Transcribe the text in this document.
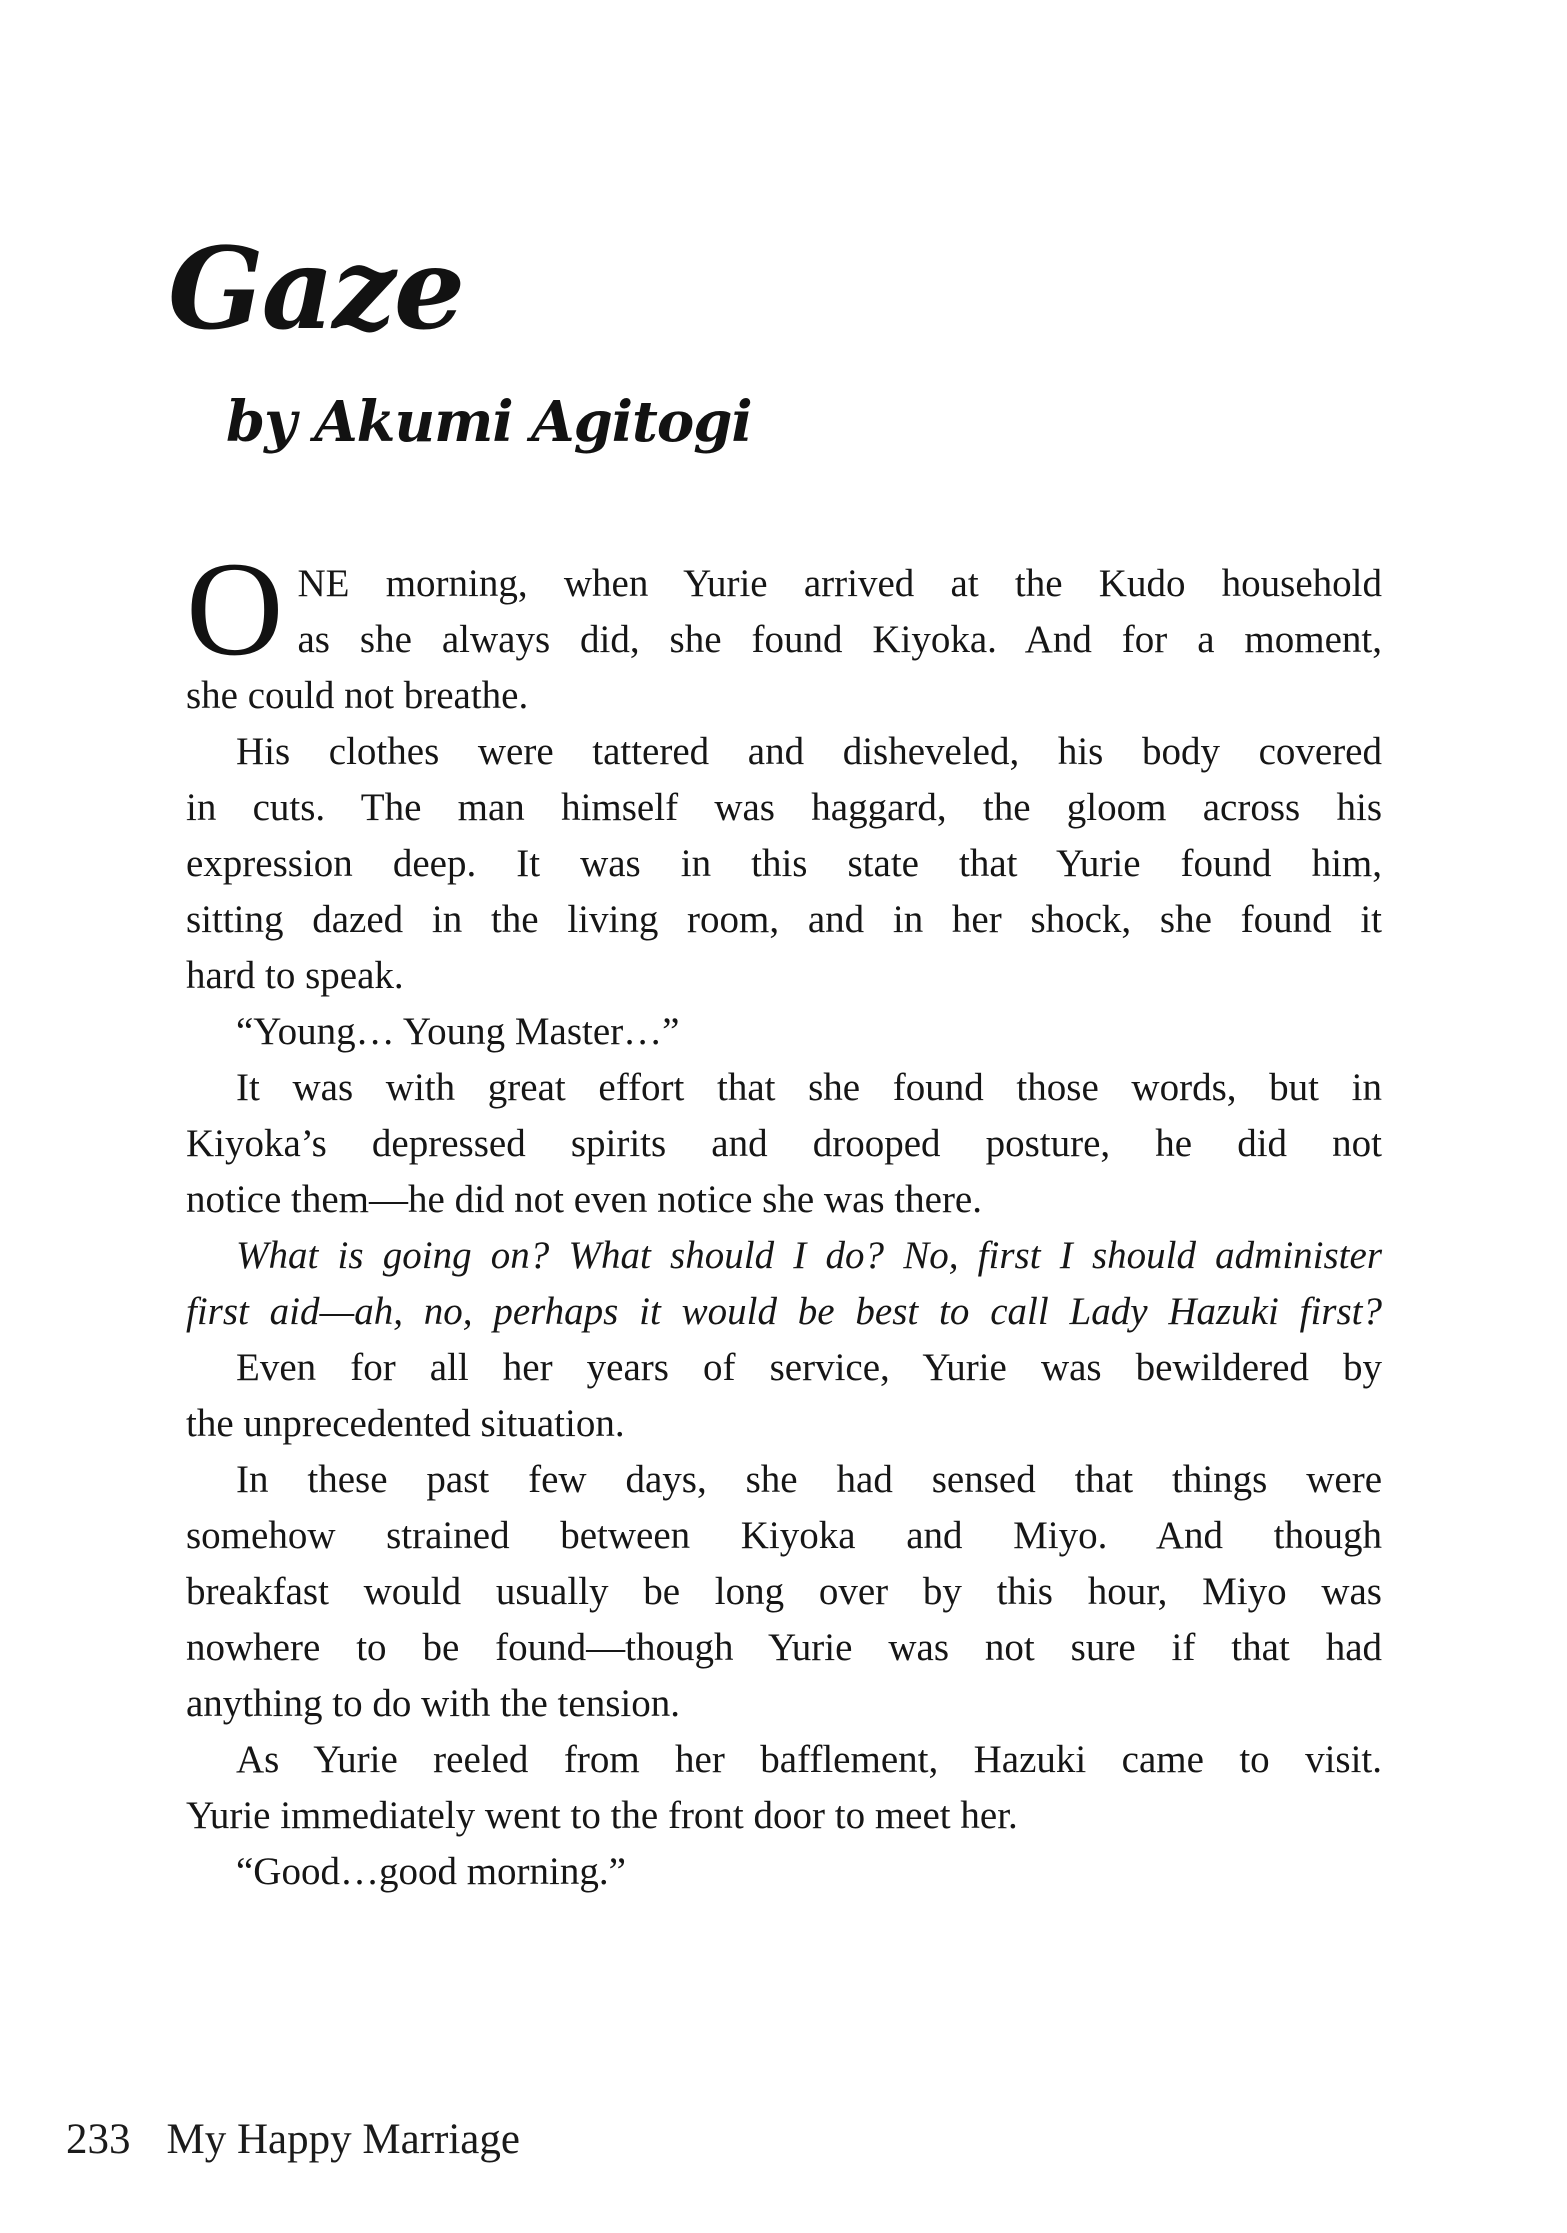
Gaze
by Akumi Agitogi
O NE morning, when Yurie arrived at the Kudo household
as she always did, she found Kiyoka. And for a moment,
she could not breathe.
His clothes were tattered and disheveled, his body covered
in cuts. The man himself was haggard, the gloom across his
expression deep. It was in this state that Yurie found him,
sitting dazed in the living room, and in her shock, she found it
hard to speak.
“Young… Young Master…”
It was with great effort that she found those words, but in
Kiyoka’s depressed spirits and drooped posture, he did not
notice them—he did not even notice she was there.
What is going on? What should I do? No, first I should administer
first aid—ah, no, perhaps it would be best to call Lady Hazuki first?
Even for all her years of service, Yurie was bewildered by
the unprecedented situation.
In these past few days, she had sensed that things were
somehow strained between Kiyoka and Miyo. And though
breakfast would usually be long over by this hour, Miyo was
nowhere to be found—though Yurie was not sure if that had
anything to do with the tension.
As Yurie reeled from her bafflement, Hazuki came to visit.
Yurie immediately went to the front door to meet her.
“Good…good morning.”
233 My Happy Marriage
